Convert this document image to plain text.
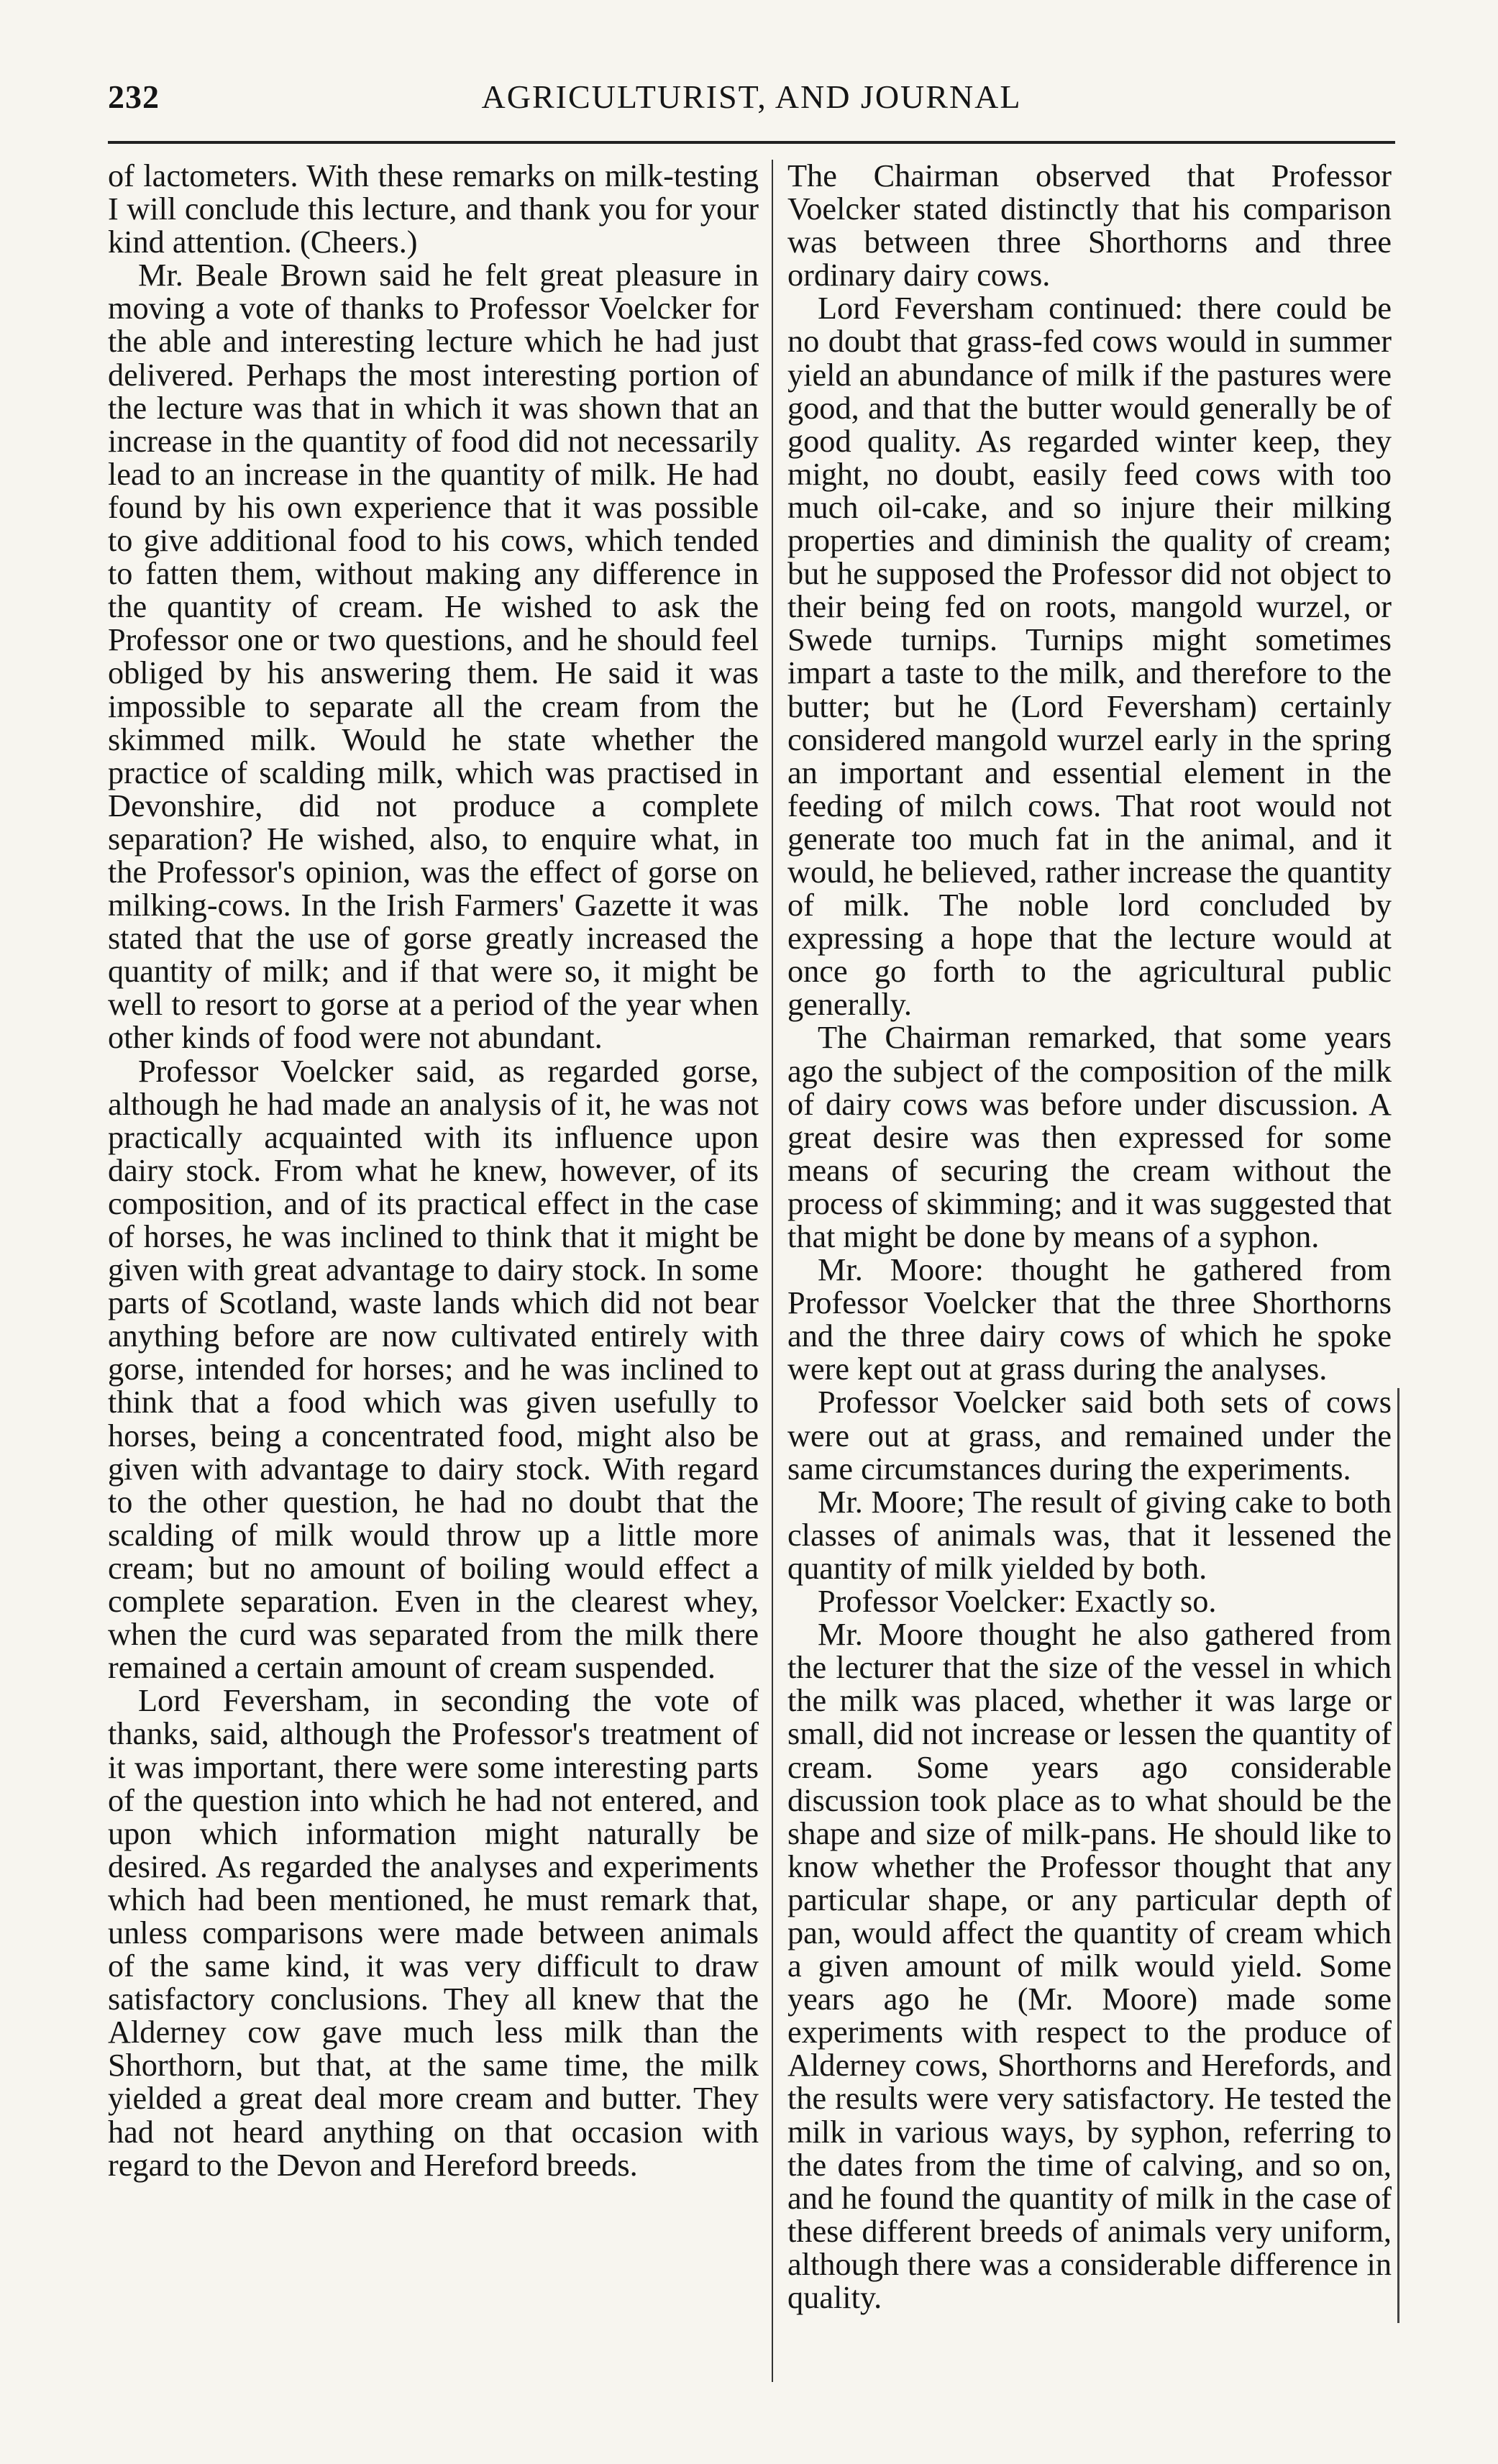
232	AGRICULTURIST, AND JOURNAL

of lactometers. With these remarks on milk-testing I will conclude this lecture, and thank you for your kind attention. (Cheers.)

Mr. Beale Brown said he felt great pleasure in moving a vote of thanks to Professor Voelcker for the able and interesting lecture which he had just delivered. Perhaps the most interesting portion of the lecture was that in which it was shown that an increase in the quantity of food did not necessarily lead to an increase in the quantity of milk. He had found by his own experience that it was possible to give additional food to his cows, which tended to fatten them, without making any difference in the quantity of cream. He wished to ask the Professor one or two questions, and he should feel obliged by his answering them. He said it was impossible to separate all the cream from the skimmed milk. Would he state whether the practice of scalding milk, which was practised in Devonshire, did not produce a complete separation? He wished, also, to enquire what, in the Professor's opinion, was the effect of gorse on milking-cows. In the Irish Farmers' Gazette it was stated that the use of gorse greatly increased the quantity of milk; and if that were so, it might be well to resort to gorse at a period of the year when other kinds of food were not abundant.

Professor Voelcker said, as regarded gorse, although he had made an analysis of it, he was not practically acquainted with its influence upon dairy stock. From what he knew, however, of its composition, and of its practical effect in the case of horses, he was inclined to think that it might be given with great advantage to dairy stock. In some parts of Scotland, waste lands which did not bear anything before are now cultivated entirely with gorse, intended for horses; and he was inclined to think that a food which was given usefully to horses, being a concentrated food, might also be given with advantage to dairy stock. With regard to the other question, he had no doubt that the scalding of milk would throw up a little more cream; but no amount of boiling would effect a complete separation. Even in the clearest whey, when the curd was separated from the milk there remained a certain amount of cream suspended.

Lord Feversham, in seconding the vote of thanks, said, although the Professor's treatment of it was important, there were some interesting parts of the question into which he had not entered, and upon which information might naturally be desired. As regarded the analyses and experiments which had been mentioned, he must remark that, unless comparisons were made between animals of the same kind, it was very difficult to draw satisfactory conclusions. They all knew that the Alderney cow gave much less milk than the Shorthorn, but that, at the same time, the milk yielded a great deal more cream and butter. They had not heard anything on that occasion with regard to the Devon and Hereford breeds.

The Chairman observed that Professor Voelcker stated distinctly that his comparison was between three Shorthorns and three ordinary dairy cows.

Lord Feversham continued: there could be no doubt that grass-fed cows would in summer yield an abundance of milk if the pastures were good, and that the butter would generally be of good quality. As regarded winter keep, they might, no doubt, easily feed cows with too much oil-cake, and so injure their milking properties and diminish the quality of cream; but he supposed the Professor did not object to their being fed on roots, mangold wurzel, or Swede turnips. Turnips might sometimes impart a taste to the milk, and therefore to the butter; but he (Lord Feversham) certainly considered mangold wurzel early in the spring an important and essential element in the feeding of milch cows. That root would not generate too much fat in the animal, and it would, he believed, rather increase the quantity of milk. The noble lord concluded by expressing a hope that the lecture would at once go forth to the agricultural public generally.

The Chairman remarked, that some years ago the subject of the composition of the milk of dairy cows was before under discussion. A great desire was then expressed for some means of securing the cream without the process of skimming; and it was suggested that that might be done by means of a syphon.

Mr. Moore: thought he gathered from Professor Voelcker that the three Shorthorns and the three dairy cows of which he spoke were kept out at grass during the analyses.

Professor Voelcker said both sets of cows were out at grass, and remained under the same circumstances during the experiments.

Mr. Moore; The result of giving cake to both classes of animals was, that it lessened the quantity of milk yielded by both.

Professor Voelcker: Exactly so.

Mr. Moore thought he also gathered from the lecturer that the size of the vessel in which the milk was placed, whether it was large or small, did not increase or lessen the quantity of cream. Some years ago considerable discussion took place as to what should be the shape and size of milk-pans. He should like to know whether the Professor thought that any particular shape, or any particular depth of pan, would affect the quantity of cream which a given amount of milk would yield. Some years ago he (Mr. Moore) made some experiments with respect to the produce of Alderney cows, Shorthorns and Herefords, and the results were very satisfactory. He tested the milk in various ways, by syphon, referring to the dates from the time of calving, and so on, and he found the quantity of milk in the case of these different breeds of animals very uniform, although there was a considerable difference in quality.
